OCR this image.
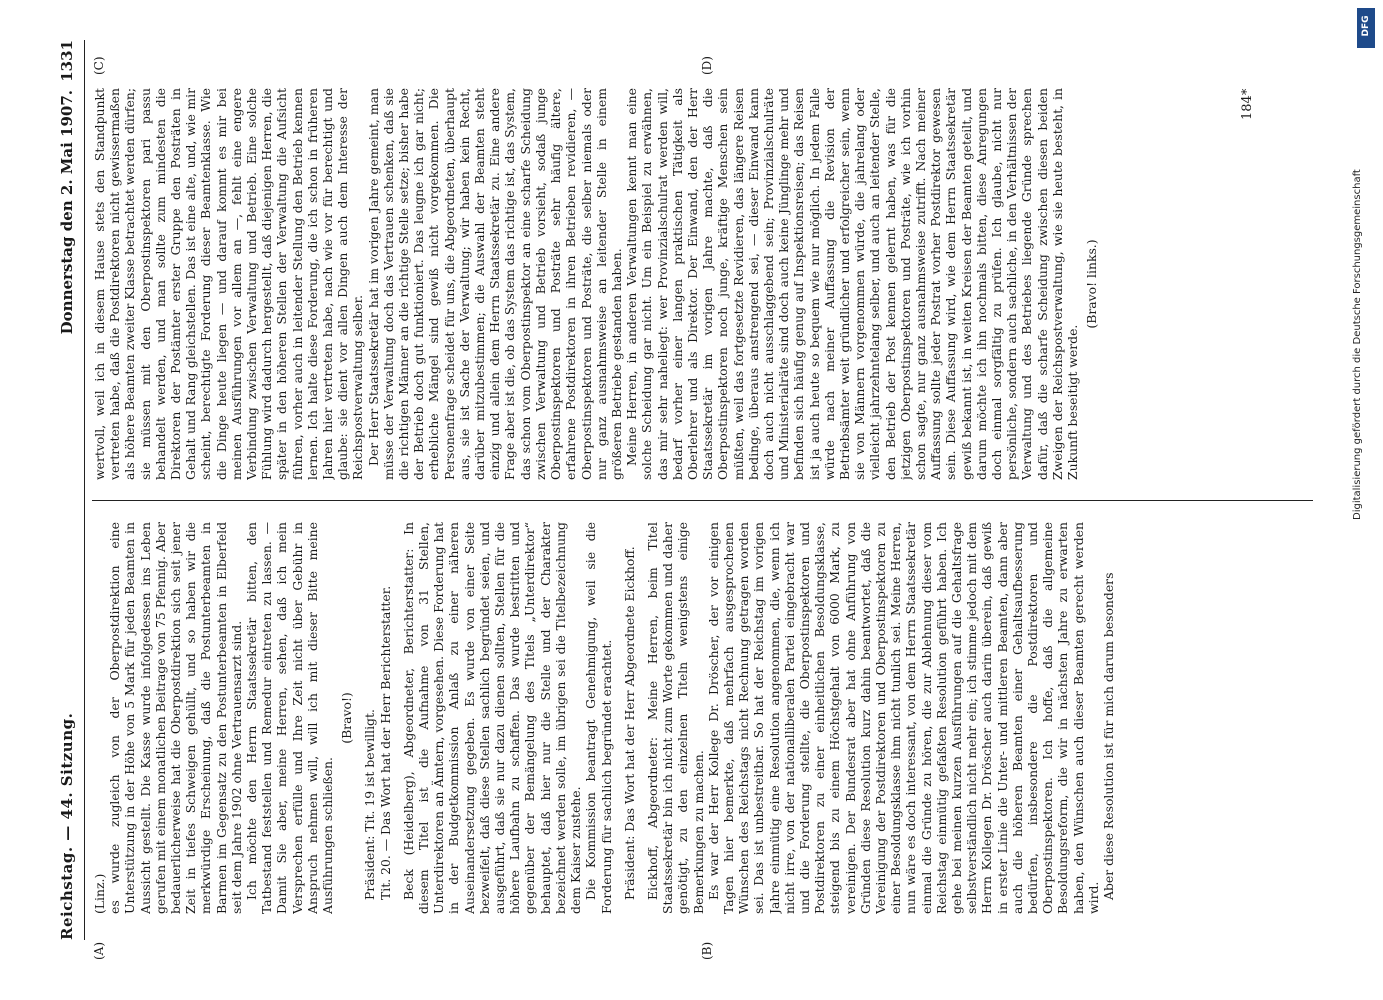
Reichstag. — 44. Sitzung.
Donnerstag den 2. Mai 1907.
1331
(A)	(B)
(C)	(D)

(Linz.) es wurde zugleich von der Oberpostdirektion eine Unterstützung in der Höhe von 5 Mark für jeden Beamten in Aussicht gestellt. Die Kasse wurde infolgedessen ins Leben gerufen mit einem monatlichen Beitrage von 75 Pfennig. Aber bedauerlicherweise hat die Oberpostdirektion sich seit jener Zeit in tiefes Schweigen gehüllt, und so haben wir die merkwürdige Erscheinung, daß die Postunterbeamten in Barmen im Gegensatz zu den Postunterbeamten in Elberfeld seit dem Jahre 1902 ohne Vertrauensarzt sind. Ich möchte den Herrn Staatssekretär bitten, den Tatbestand feststellen und Remedur eintreten zu lassen. — Damit Sie aber, meine Herren, sehen, daß ich mein Versprechen erfülle und Ihre Zeit nicht über Gebühr in Anspruch nehmen will, will ich mit dieser Bitte meine Ausführungen schließen.

(Bravo!) Präsident: Tit. 19 ist bewilligt. Tit. 20. — Das Wort hat der Herr Berichterstatter. Beck (Heidelberg), Abgeordneter, Berichterstatter: In diesem Titel ist die Aufnahme von 31 Stellen, Unterdirektoren an Ämtern, vorgesehen. Diese Forderung hat in der Budgetkommission Anlaß zu einer näheren Auseinandersetzung gegeben. Es wurde von einer Seite bezweifelt, daß diese Stellen sachlich begründet seien, und ausgeführt, daß sie nur dazu dienen sollten, Stellen für die höhere Laufbahn zu schaffen. Das wurde bestritten und gegenüber der Bemängelung des Titels „Unterdirektor“ behauptet, daß hier nur die Stelle und der Charakter bezeichnet werden solle, im übrigen sei die Titelbezeichnung dem Kaiser zustehe. Die Kommission beantragt Genehmigung, weil sie die Forderung für sachlich begründet erachtet. Präsident: Das Wort hat der Herr Abgeordnete Eickhoff. Eickhoff, Abgeordneter: Meine Herren, beim Titel Staatssekretär bin ich nicht zum Worte gekommen und daher genötigt, zu den einzelnen Titeln wenigstens einige Bemerkungen zu machen. Es war der Herr Kollege Dr. Dröscher, der vor einigen Tagen hier bemerkte, daß mehrfach ausgesprochenen Wünschen des Reichstags nicht Rechnung getragen worden sei. Das ist unbestreitbar. So hat der Reichstag im vorigen Jahre einmütig eine Resolution angenommen, die, wenn ich nicht irre, von der nationalliberalen Partei eingebracht war und die Forderung stellte, die Oberpostinspektoren und Postdirektoren zu einer einheitlichen Besoldungsklasse, steigend bis zu einem Höchstgehalt von 6000 Mark, zu vereinigen. Der Bundesrat aber hat ohne Anführung von Gründen diese Resolution kurz dahin beantwortet, daß die Vereinigung der Postdirektoren und Oberpostinspektoren zu einer Besoldungsklasse ihm nicht tunlich sei. Meine Herren, nun wäre es doch interessant, von dem Herrn Staatssekretär einmal die Gründe zu hören, die zur Ablehnung dieser vom Reichstag einmütig gefaßten Resolution geführt haben. Ich gehe bei meinen kurzen Ausführungen auf die Gehaltsfrage selbstverständlich nicht mehr ein; ich stimme jedoch mit dem Herrn Kollegen Dr. Dröscher auch darin überein, daß gewiß in erster Linie die Unter- und mittleren Beamten, dann aber auch die höheren Beamten einer Gehaltsaufbesserung bedürfen, insbesondere die Postdirektoren und Oberpostinspektoren. Ich hoffe, daß die allgemeine Besoldungsreform, die wir in nächsten Jahre zu erwarten haben, den Wünschen auch dieser Beamten gerecht werden wird. Aber diese Resolution ist für mich darum besonders

wertvoll, weil ich in diesem Hause stets den Standpunkt vertreten habe, daß die Postdirektoren nicht gewissermaßen als höhere Beamten zweiter Klasse betrachtet werden dürfen; sie müssen mit den Oberpostinspektoren pari passu behandelt werden, und man sollte zum mindesten die Direktoren der Postämter erster Gruppe den Posträten in Gehalt und Rang gleichstellen. Das ist eine alte, und, wie mir scheint, berechtigte Forderung dieser Beamtenklasse. Wie die Dinge heute liegen — und darauf kommt es mir bei meinen Ausführungen vor allem an —, fehlt eine engere Verbindung zwischen Verwaltung und Betrieb. Eine solche Fühlung wird dadurch hergestellt, daß diejenigen Herren, die später in den höheren Stellen der Verwaltung die Aufsicht führen, vorher auch in leitender Stellung den Betrieb kennen lernen. Ich halte diese Forderung, die ich schon in früheren Jahren hier vertreten habe, nach wie vor für berechtigt und glaube: sie dient vor allen Dingen auch dem Interesse der Reichspostverwaltung selber. Der Herr Staatssekretär hat im vorigen Jahre gemeint, man müsse der Verwaltung doch das Vertrauen schenken, daß sie die richtigen Männer an die richtige Stelle setze; bisher habe der Betrieb doch gut funktioniert. Das leugne ich gar nicht; erhebliche Mängel sind gewiß nicht vorgekommen. Die Personenfrage scheidet für uns, die Abgeordneten, überhaupt aus, sie ist Sache der Verwaltung; wir haben kein Recht, darüber mitzubestimmen; die Auswahl der Beamten steht einzig und allein dem Herrn Staatssekretär zu. Eine andere Frage aber ist die, ob das System das richtige ist, das System, das schon vom Oberpostinspektor an eine scharfe Scheidung zwischen Verwaltung und Betrieb vorsieht, sodaß junge Oberpostinspektoren und Posträte sehr häufig ältere, erfahrene Postdirektoren in ihren Betrieben revidieren, — Oberpostinspektoren und Posträte, die selber niemals oder nur ganz ausnahmsweise an leitender Stelle in einem größeren Betriebe gestanden haben. Meine Herren, in anderen Verwaltungen kennt man eine solche Scheidung gar nicht. Um ein Beispiel zu erwähnen, das mir sehr naheliegt: wer Provinzialschulrat werden will, bedarf vorher einer langen praktischen Tätigkeit als Oberlehrer und als Direktor. Der Einwand, den der Herr Staatssekretär im vorigen Jahre machte, daß die Oberpostinspektoren noch junge, kräftige Menschen sein müßten, weil das fortgesetzte Revidieren, das längere Reisen bedinge, überaus anstrengend sei, — dieser Einwand kann doch auch nicht ausschlaggebend sein; Provinzialschulräte und Ministerialräte sind doch auch keine Jünglinge mehr und befinden sich häufig genug auf Inspektionsreisen; das Reisen ist ja auch heute so bequem wie nur möglich. In jedem Falle würde nach meiner Auffassung die Revision der Betriebsämter weit gründlicher und erfolgreicher sein, wenn sie von Männern vorgenommen würde, die jahrelang oder vielleicht jahrzehntelang selber, und auch an leitender Stelle, den Betrieb der Post kennen gelernt haben, was für die jetzigen Oberpostinspektoren und Posträte, wie ich vorhin schon sagte, nur ganz ausnahmsweise zutrifft. Nach meiner Auffassung sollte jeder Postrat vorher Postdirektor gewesen sein. Diese Auffassung wird, wie dem Herrn Staatssekretär gewiß bekannt ist, in weiten Kreisen der Beamten geteilt, und darum möchte ich ihn nochmals bitten, diese Anregungen doch einmal sorgfältig zu prüfen. Ich glaube, nicht nur persönliche, sondern auch sachliche, in den Verhältnissen der Verwaltung und des Betriebes liegende Gründe sprechen dafür, daß die scharfe Scheidung zwischen diesen beiden Zweigen der Reichspostverwaltung, wie sie heute besteht, in Zukunft beseitigt werde.

(Bravo! links.)

184*
DFG
Digitalisierung gefördert durch die Deutsche Forschungsgemeinschaft
